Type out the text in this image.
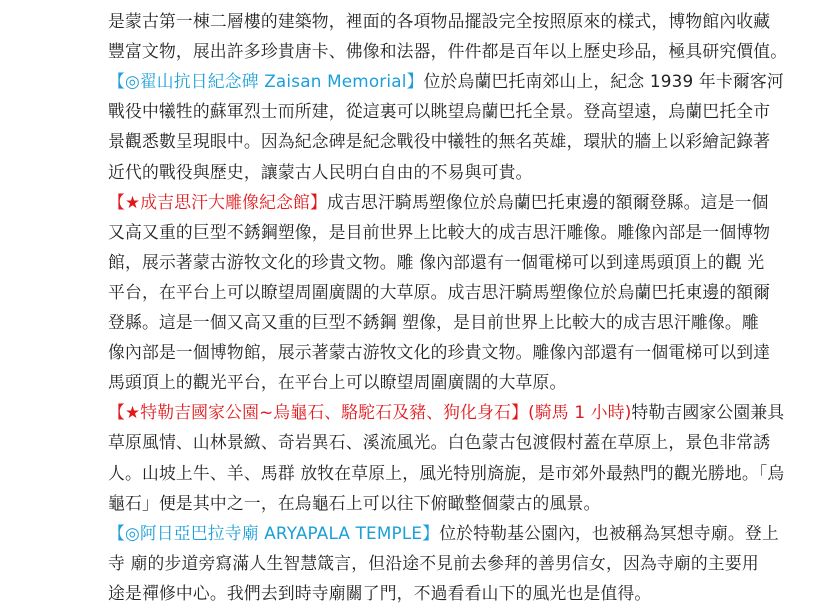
是蒙古第一棟二層樓的建築物，裡面的各項物品擺設完全按照原來的樣式，博物館內收藏
豐富文物，展出許多珍貴唐卡、佛像和法器，件件都是百年以上歷史珍品，極具研究價值。
【◎翟山抗日紀念碑 Zaisan Memorial】位於烏蘭巴托南郊山上，紀念 1939 年卡爾客河
戰役中犧牲的蘇軍烈士而所建，從這裏可以眺望烏蘭巴托全景。登高望遠，烏蘭巴托全市
景觀悉數呈現眼中。因為紀念碑是紀念戰役中犧牲的無名英雄，環狀的牆上以彩繪記錄著
近代的戰役與歷史，讓蒙古人民明白自由的不易與可貴。
【★成吉思汗大雕像紀念館】成吉思汗騎馬塑像位於烏蘭巴托東邊的額爾登縣。這是一個
又高又重的巨型不銹鋼塑像，是目前世界上比較大的成吉思汗雕像。雕像內部是一個博物
館，展示著蒙古游牧文化的珍貴文物。雕 像內部還有一個電梯可以到達馬頭頂上的觀 光
平台，在平台上可以瞭望周圍廣闊的大草原。成吉思汗騎馬塑像位於烏蘭巴托東邊的額爾
登縣。這是一個又高又重的巨型不銹鋼 塑像，是目前世界上比較大的成吉思汗雕像。雕
像內部是一個博物館，展示著蒙古游牧文化的珍貴文物。雕像內部還有一個電梯可以到達
馬頭頂上的觀光平台，在平台上可以瞭望周圍廣闊的大草原。
【★特勒吉國家公園~烏龜石、駱駝石及豬、狗化身石】(騎馬 1 小時)特勒吉國家公園兼具
草原風情、山林景緻、奇岩異石、溪流風光。白色蒙古包渡假村蓋在草原上，景色非常誘
人。山坡上牛、羊、馬群 放牧在草原上，風光特別旖旎，是市郊外最熱門的觀光勝地。「烏
龜石」便是其中之一，在烏龜石上可以往下俯瞰整個蒙古的風景。
【◎阿日亞巴拉寺廟 ARYAPALA TEMPLE】位於特勒基公園內，也被稱為冥想寺廟。登上
寺 廟的步道旁寫滿人生智慧箴言，但沿途不見前去參拜的善男信女，因為寺廟的主要用
途是禪修中心。我們去到時寺廟關了門，不過看看山下的風光也是值得。
